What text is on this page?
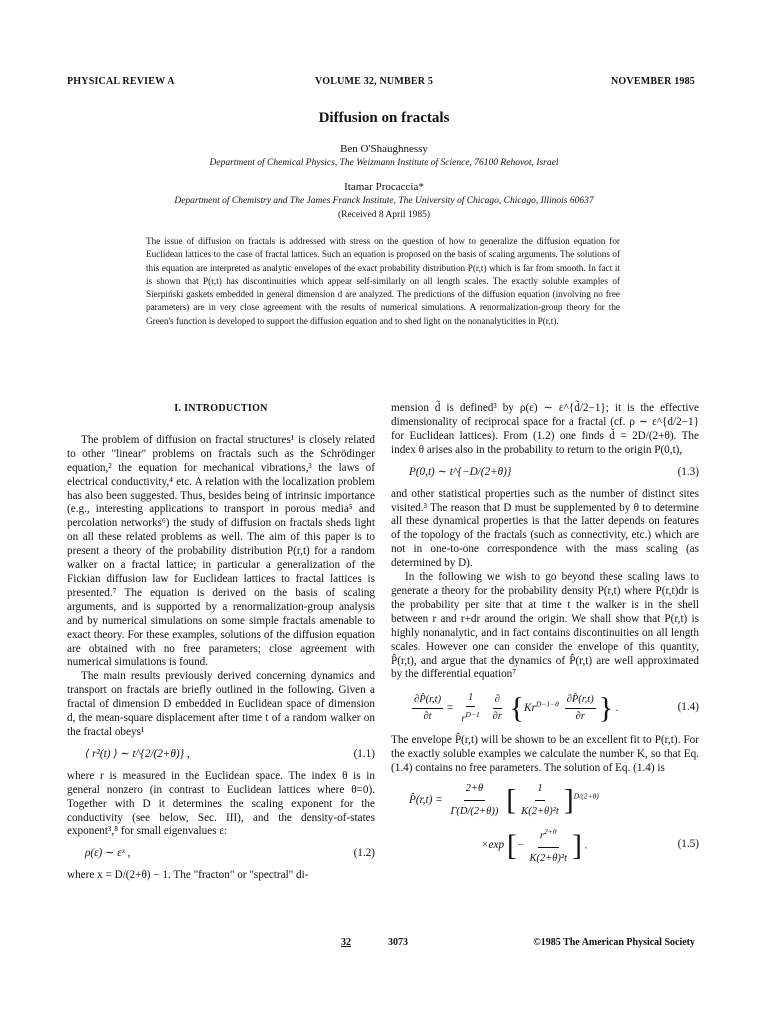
PHYSICAL REVIEW A	VOLUME 32, NUMBER 5	NOVEMBER 1985
Diffusion on fractals
Ben O'Shaughnessy
Department of Chemical Physics, The Weizmann Institute of Science, 76100 Rehovot, Israel
Itamar Procaccia*
Department of Chemistry and The James Franck Institute, The University of Chicago, Chicago, Illinois 60637
(Received 8 April 1985)
The issue of diffusion on fractals is addressed with stress on the question of how to generalize the diffusion equation for Euclidean lattices to the case of fractal lattices. Such an equation is proposed on the basis of scaling arguments. The solutions of this equation are interpreted as analytic envelopes of the exact probability distribution P(r,t) which is far from smooth. In fact it is shown that P(r,t) has discontinuities which appear self-similarly on all length scales. The exactly soluble examples of Sierpiński gaskets embedded in general dimension d are analyzed. The predictions of the diffusion equation (involving no free parameters) are in very close agreement with the results of numerical simulations. A renormalization-group theory for the Green's function is developed to support the diffusion equation and to shed light on the nonanalyticities in P(r,t).
I. INTRODUCTION

The problem of diffusion on fractal structures¹ is closely related to other "linear" problems on fractals such as the Schrödinger equation,² the equation for mechanical vibrations,³ the laws of electrical conductivity,⁴ etc. A relation with the localization problem has also been suggested. Thus, besides being of intrinsic importance (e.g., interesting applications to transport in porous media⁵ and percolation networks⁶) the study of diffusion on fractals sheds light on all these related problems as well. The aim of this paper is to present a theory of the probability distribution P(r,t) for a random walker on a fractal lattice; in particular a generalization of the Fickian diffusion law for Euclidean lattices to fractal lattices is presented.⁷ The equation is derived on the basis of scaling arguments, and is supported by a renormalization-group analysis and by numerical simulations on some simple fractals amenable to exact theory. For these examples, solutions of the diffusion equation are obtained with no free parameters; close agreement with numerical simulations is found.

The main results previously derived concerning dynamics and transport on fractals are briefly outlined in the following. Given a fractal of dimension D embedded in Euclidean space of dimension d, the mean-square displacement after time t of a random walker on the fractal obeys¹

⟨ r²(t) ⟩ ∼ t^{2/(2+θ)} ,	(1.1)

where r is measured in the Euclidean space. The index θ is in general nonzero (in contrast to Euclidean lattices where θ=0). Together with D it determines the scaling exponent for the conductivity (see below, Sec. III), and the density-of-states exponent³,⁸ for small eigenvalues ε:

ρ(ε) ∼ εˣ ,	(1.2)

where x = D/(2+θ) − 1. The "fracton" or "spectral" di-

mension d̃ is defined³ by ρ(ε) ∼ ε^{d̃/2−1}; it is the effective dimensionality of reciprocal space for a fractal (cf. ρ ∼ ε^{d/2−1} for Euclidean lattices). From (1.2) one finds d̃ = 2D/(2+θ). The index θ arises also in the probability to return to the origin P(0,t),

P(0,t) ∼ t^{−D/(2+θ)}	(1.3)

and other statistical properties such as the number of distinct sites visited.³ The reason that D must be supplemented by θ to determine all these dynamical properties is that the latter depends on features of the topology of the fractals (such as connectivity, etc.) which are not in one-to-one correspondence with the mass scaling (as determined by D).

In the following we wish to go beyond these scaling laws to generate a theory for the probability density P(r,t) where P(r,t)dr is the probability per site that at time t the walker is in the shell between r and r+dr around the origin. We shall show that P(r,t) is highly nonanalytic, and in fact contains discontinuities on all length scales. However one can consider the envelope of this quantity, P̂(r,t), and argue that the dynamics of P̂(r,t) are well approximated by the differential equation⁷

$\frac{\partial P̂(r,t)}{\partial t} = \frac{1}{r^{D-1}}$
$\frac{\partial}{\partial r} \{Kr^{D-1-\theta} \frac{\partial P̂(r,t)}{\partial r}$ } .	(1.4)

The envelope P̂(r,t) will be shown to be an excellent fit to P(r,t). For the exactly soluble examples we calculate the number K, so that Eq. (1.4) contains no free parameters. The solution of Eq. (1.4) is

P̂(r,t) = $\frac{2+\theta}{\Gamma(D/(2+\theta))}$ [ $\frac{1}{\text{K(2+θ)²t}} ]^{D/(2+\theta)}$
×exp [− $\frac{r^{2+\theta}}{\text{K(2+θ)²t}}$ ] .	(1.5)
32	3073	©1985 The American Physical Society
